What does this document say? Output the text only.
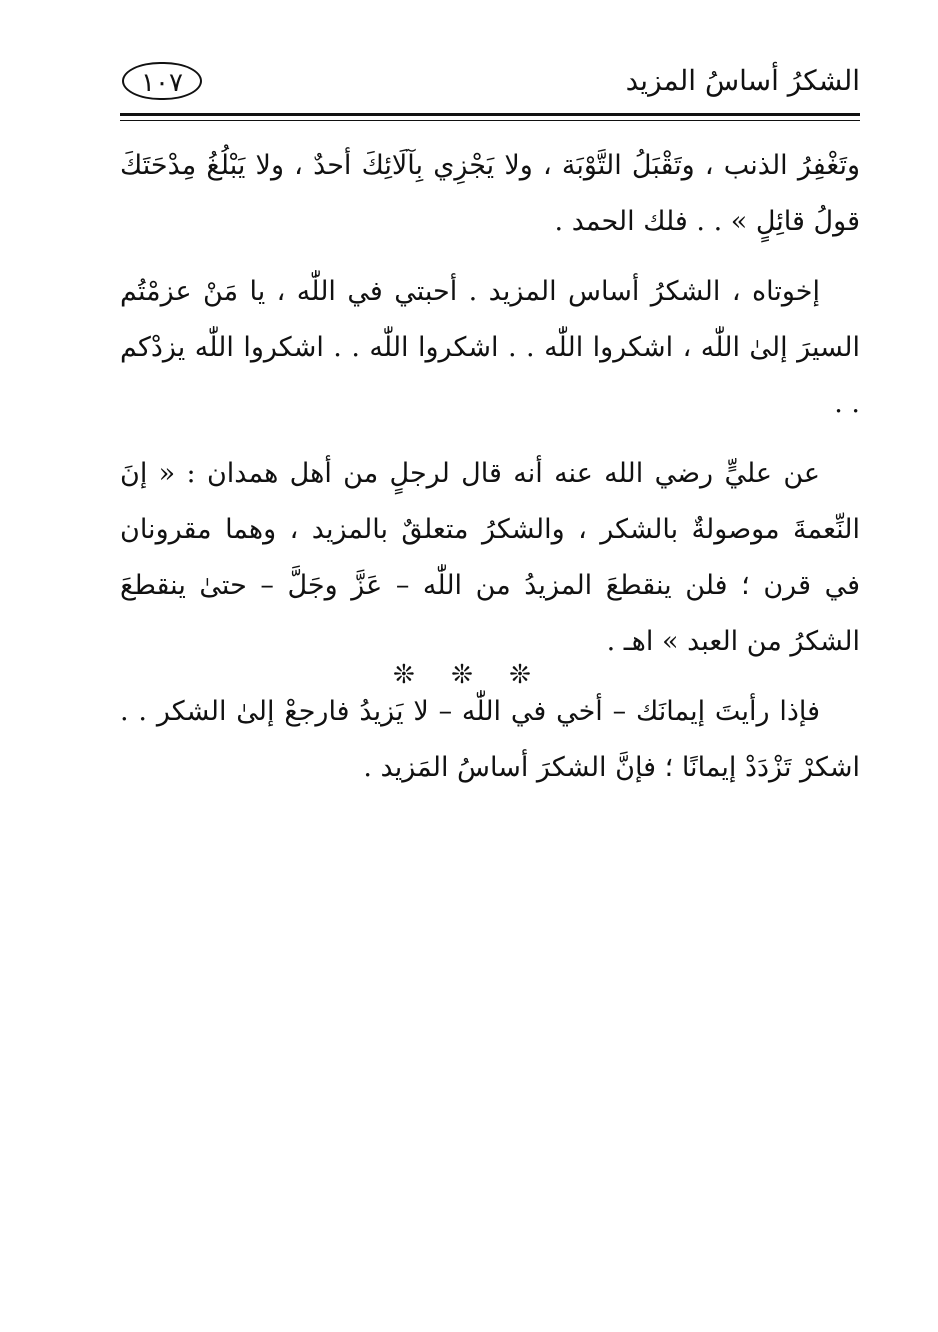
الشكرُ أساسُ المزيد
١٠٧

وتَغْفِرُ الذنب ، وتَقْبَلُ التَّوْبَة ، ولا يَجْزِي بِآلَائِكَ أحدٌ ، ولا يَبْلُغُ مِدْحَتَكَ قولُ قائِلٍ » . . فلك الحمد .

إخوتاه ، الشكرُ أساس المزيد . أحبتي في اللّٰه ، يا مَنْ عزمْتُم السيرَ إلىٰ اللّٰه ، اشكروا اللّٰه . . اشكروا اللّٰه . . اشكروا اللّٰه يزدْكم . .

عن عليٍّ رضي الله عنه أنه قال لرجلٍ من أهل همدان : « إنَ النِّعمةَ موصولةٌ بالشكر ، والشكرُ متعلقٌ بالمزيد ، وهما مقرونان في قرن ؛ فلن ينقطعَ المزيدُ من اللّٰه – عَزَّ وجَلَّ – حتىٰ ينقطعَ الشكرُ من العبد » اهـ .

فإذا رأيتَ إيمانَك – أخي في اللّٰه – لا يَزيدُ فارجعْ إلىٰ الشكر . . اشكرْ تَزْدَدْ إيمانًا ؛ فإنَّ الشكرَ أساسُ المَزيد .

❊ ❊ ❊
